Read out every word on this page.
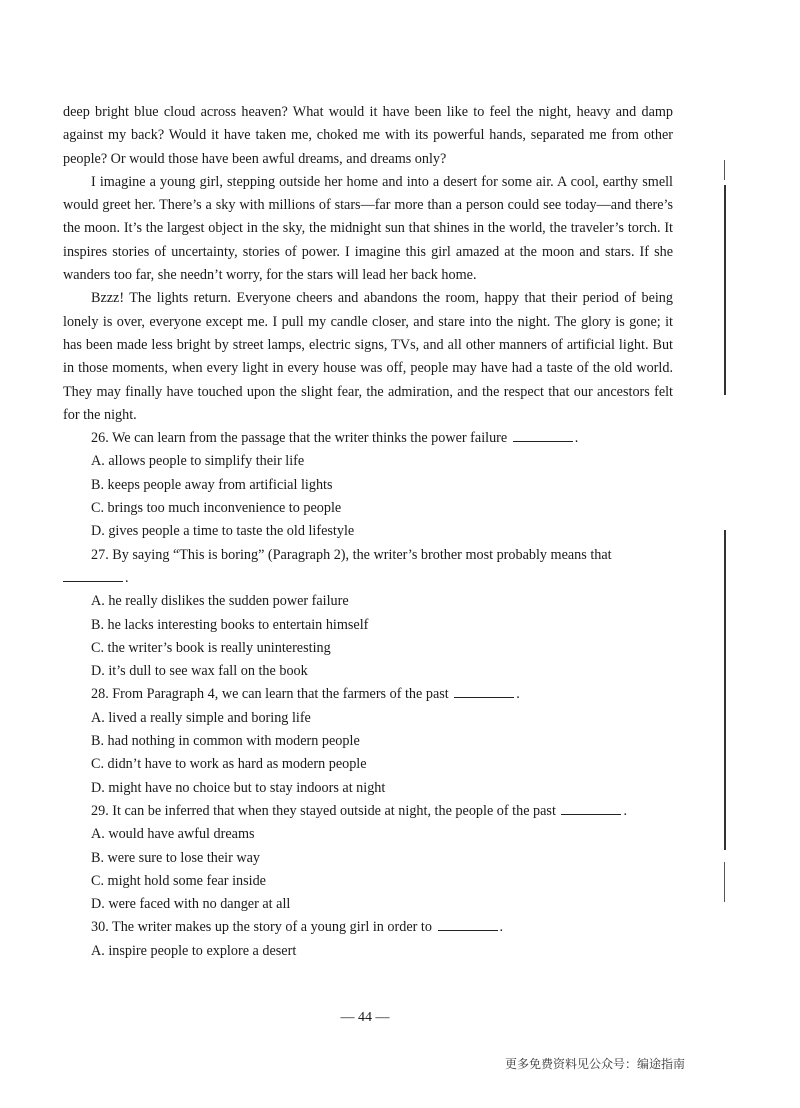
deep bright blue cloud across heaven? What would it have been like to feel the night, heavy and damp against my back? Would it have taken me, choked me with its powerful hands, separated me from other people? Or would those have been awful dreams, and dreams only?

I imagine a young girl, stepping outside her home and into a desert for some air. A cool, earthy smell would greet her. There’s a sky with millions of stars—far more than a person could see today—and there’s the moon. It’s the largest object in the sky, the midnight sun that shines in the world, the traveler’s torch. It inspires stories of uncertainty, stories of power. I imagine this girl amazed at the moon and stars. If she wanders too far, she needn’t worry, for the stars will lead her back home.

Bzzz! The lights return. Everyone cheers and abandons the room, happy that their period of being lonely is over, everyone except me. I pull my candle closer, and stare into the night. The glory is gone; it has been made less bright by street lamps, electric signs, TVs, and all other manners of artificial light. But in those moments, when every light in every house was off, people may have had a taste of the old world. They may finally have touched upon the slight fear, the admiration, and the respect that our ancestors felt for the night.

26. We can learn from the passage that the writer thinks the power failure	.

A. allows people to simplify their life

B. keeps people away from artificial lights

C. brings too much inconvenience to people

D. gives people a time to taste the old lifestyle

27. By saying “This is boring” (Paragraph 2), the writer’s brother most probably means that

.

A. he really dislikes the sudden power failure

B. he lacks interesting books to entertain himself

C. the writer’s book is really uninteresting

D. it’s dull to see wax fall on the book

28. From Paragraph 4, we can learn that the farmers of the past	.

A. lived a really simple and boring life

B. had nothing in common with modern people

C. didn’t have to work as hard as modern people

D. might have no choice but to stay indoors at night

29. It can be inferred that when they stayed outside at night, the people of the past	.

A. would have awful dreams

B. were sure to lose their way

C. might hold some fear inside

D. were faced with no danger at all

30. The writer makes up the story of a young girl in order to	.

A. inspire people to explore a desert

— 44 —
更多免费资料见公众号：编途指南
